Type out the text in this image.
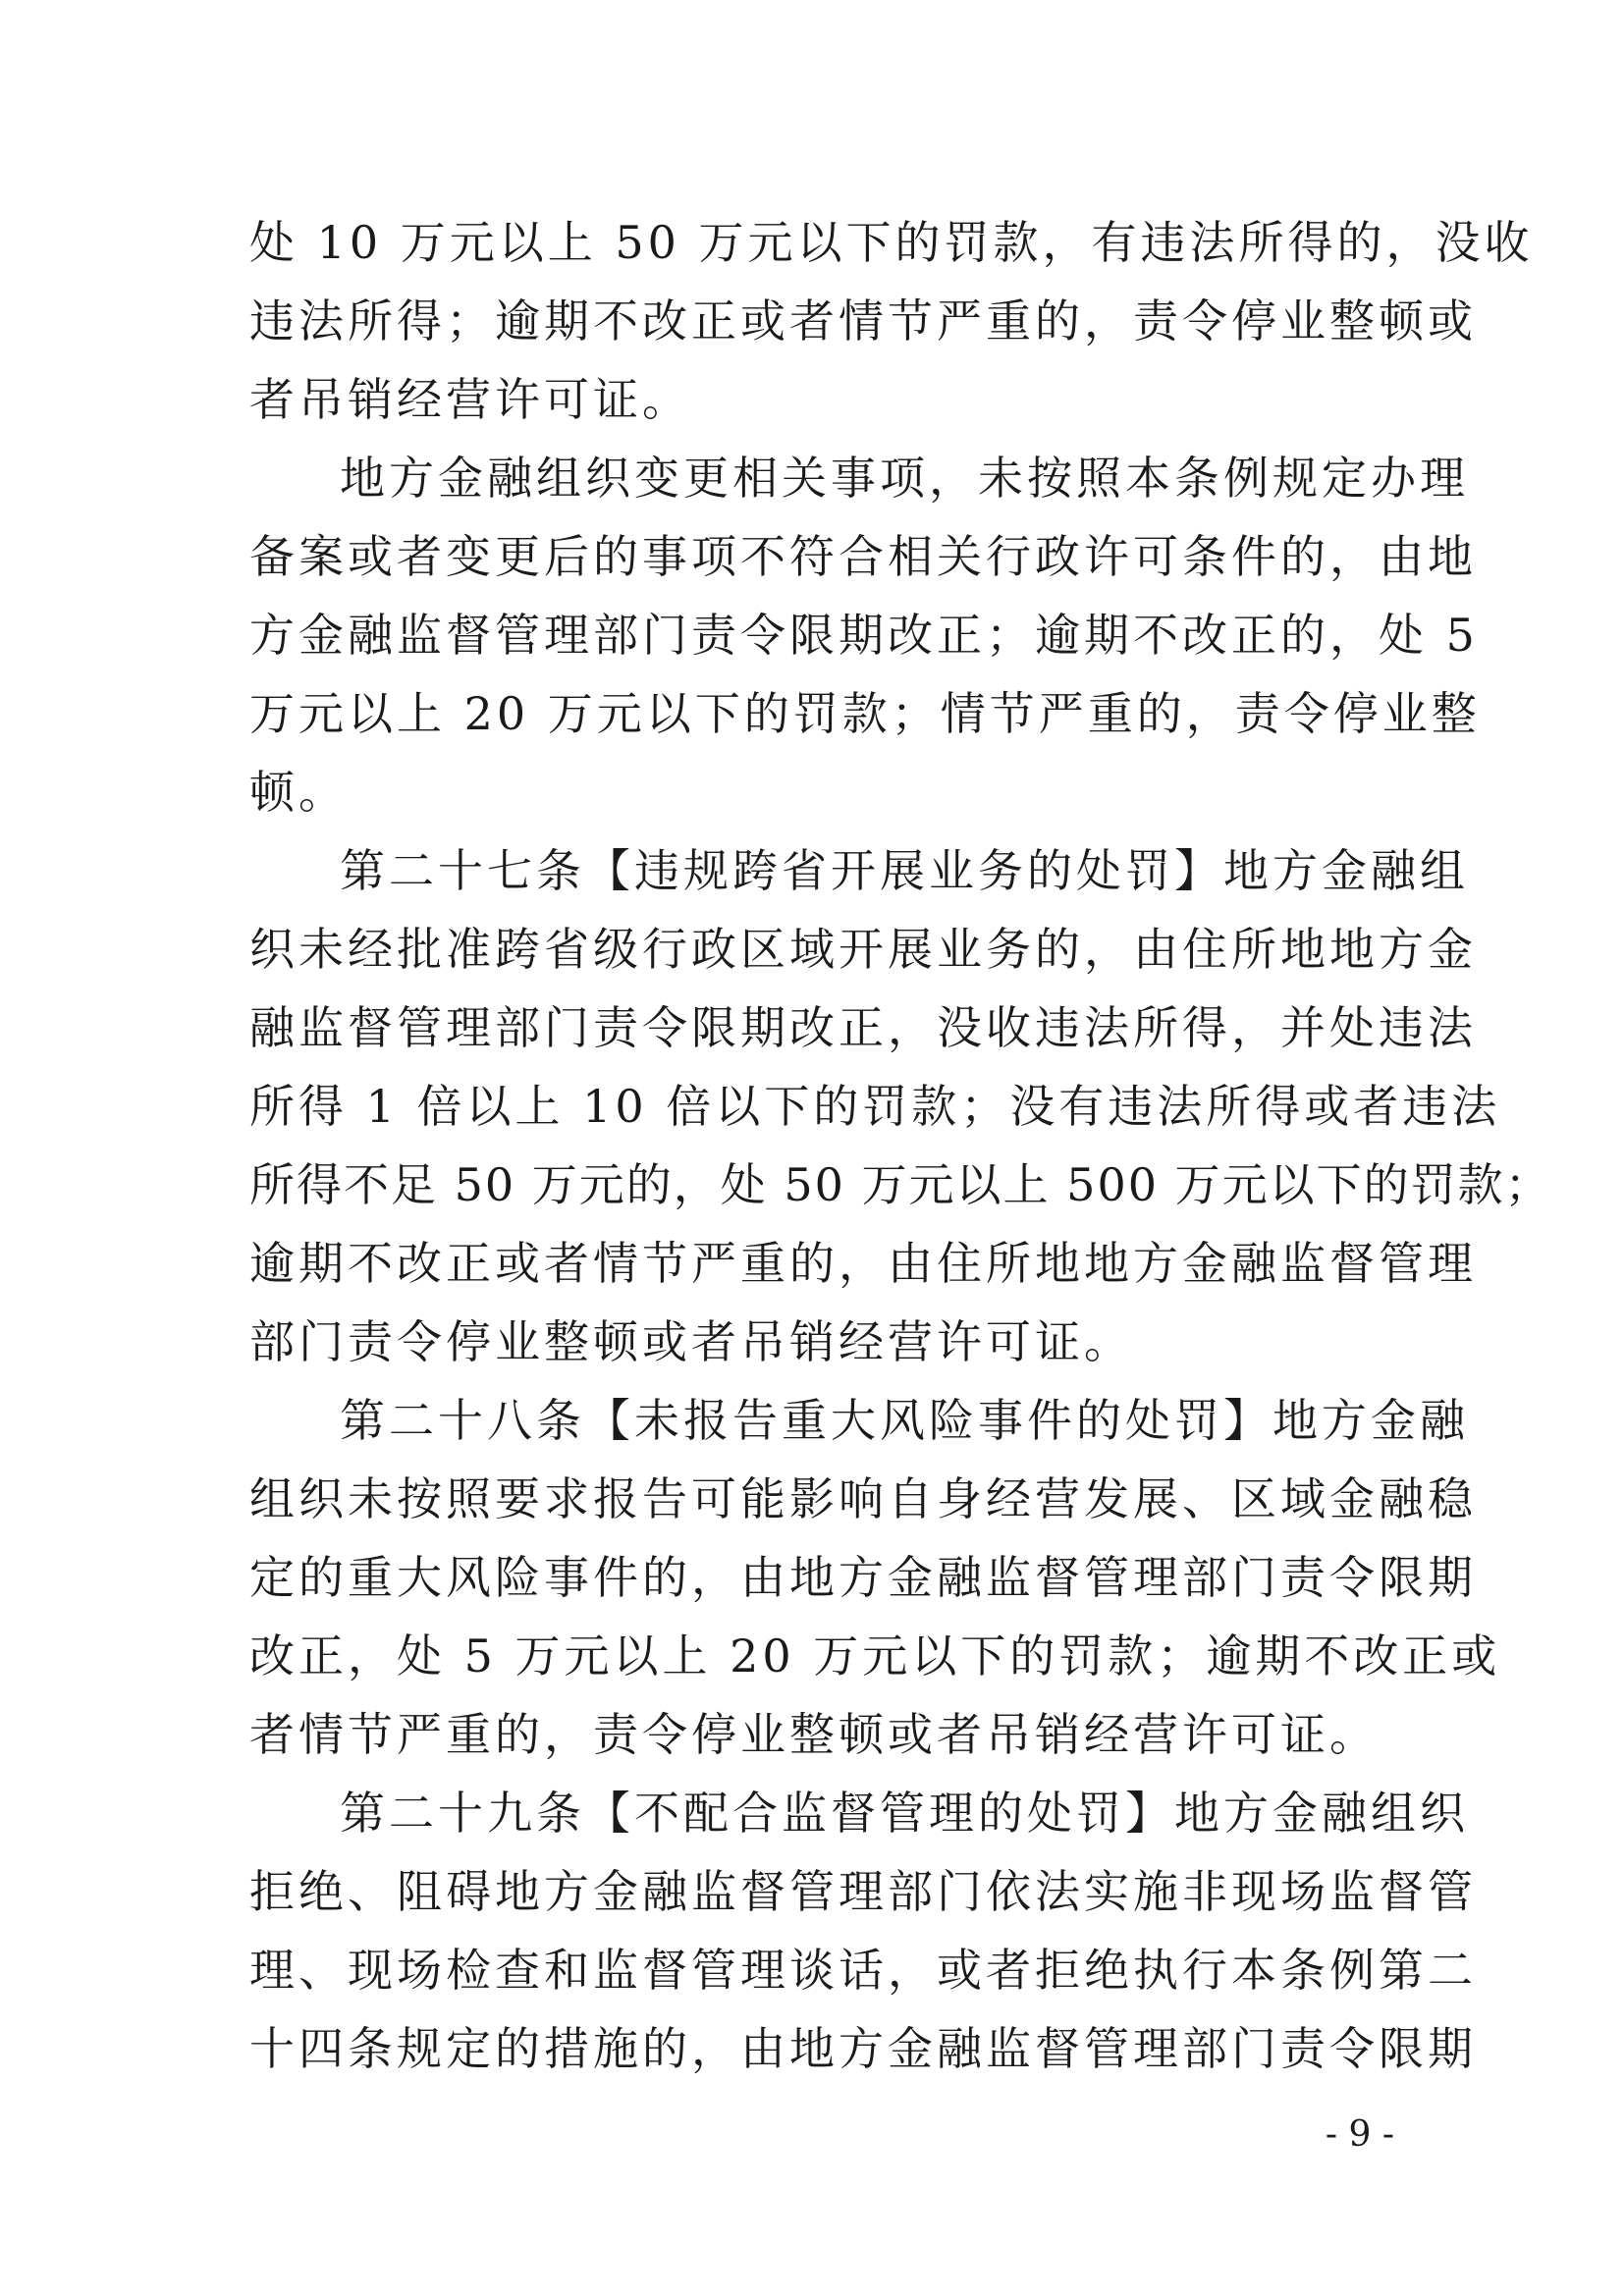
处 10 万元以上 50 万元以下的罚款，有违法所得的，没收
违法所得；逾期不改正或者情节严重的，责令停业整顿或
者吊销经营许可证。
地方金融组织变更相关事项，未按照本条例规定办理
备案或者变更后的事项不符合相关行政许可条件的，由地
方金融监督管理部门责令限期改正；逾期不改正的，处 5
万元以上 20 万元以下的罚款；情节严重的，责令停业整
顿。
第二十七条【违规跨省开展业务的处罚】地方金融组
织未经批准跨省级行政区域开展业务的，由住所地地方金
融监督管理部门责令限期改正，没收违法所得，并处违法
所得 1 倍以上 10 倍以下的罚款；没有违法所得或者违法
所得不足 50 万元的，处 50 万元以上 500 万元以下的罚款；
逾期不改正或者情节严重的，由住所地地方金融监督管理
部门责令停业整顿或者吊销经营许可证。
第二十八条【未报告重大风险事件的处罚】地方金融
组织未按照要求报告可能影响自身经营发展、区域金融稳
定的重大风险事件的，由地方金融监督管理部门责令限期
改正，处 5 万元以上 20 万元以下的罚款；逾期不改正或
者情节严重的，责令停业整顿或者吊销经营许可证。
第二十九条【不配合监督管理的处罚】地方金融组织
拒绝、阻碍地方金融监督管理部门依法实施非现场监督管
理、现场检查和监督管理谈话，或者拒绝执行本条例第二
十四条规定的措施的，由地方金融监督管理部门责令限期
- 9 -
